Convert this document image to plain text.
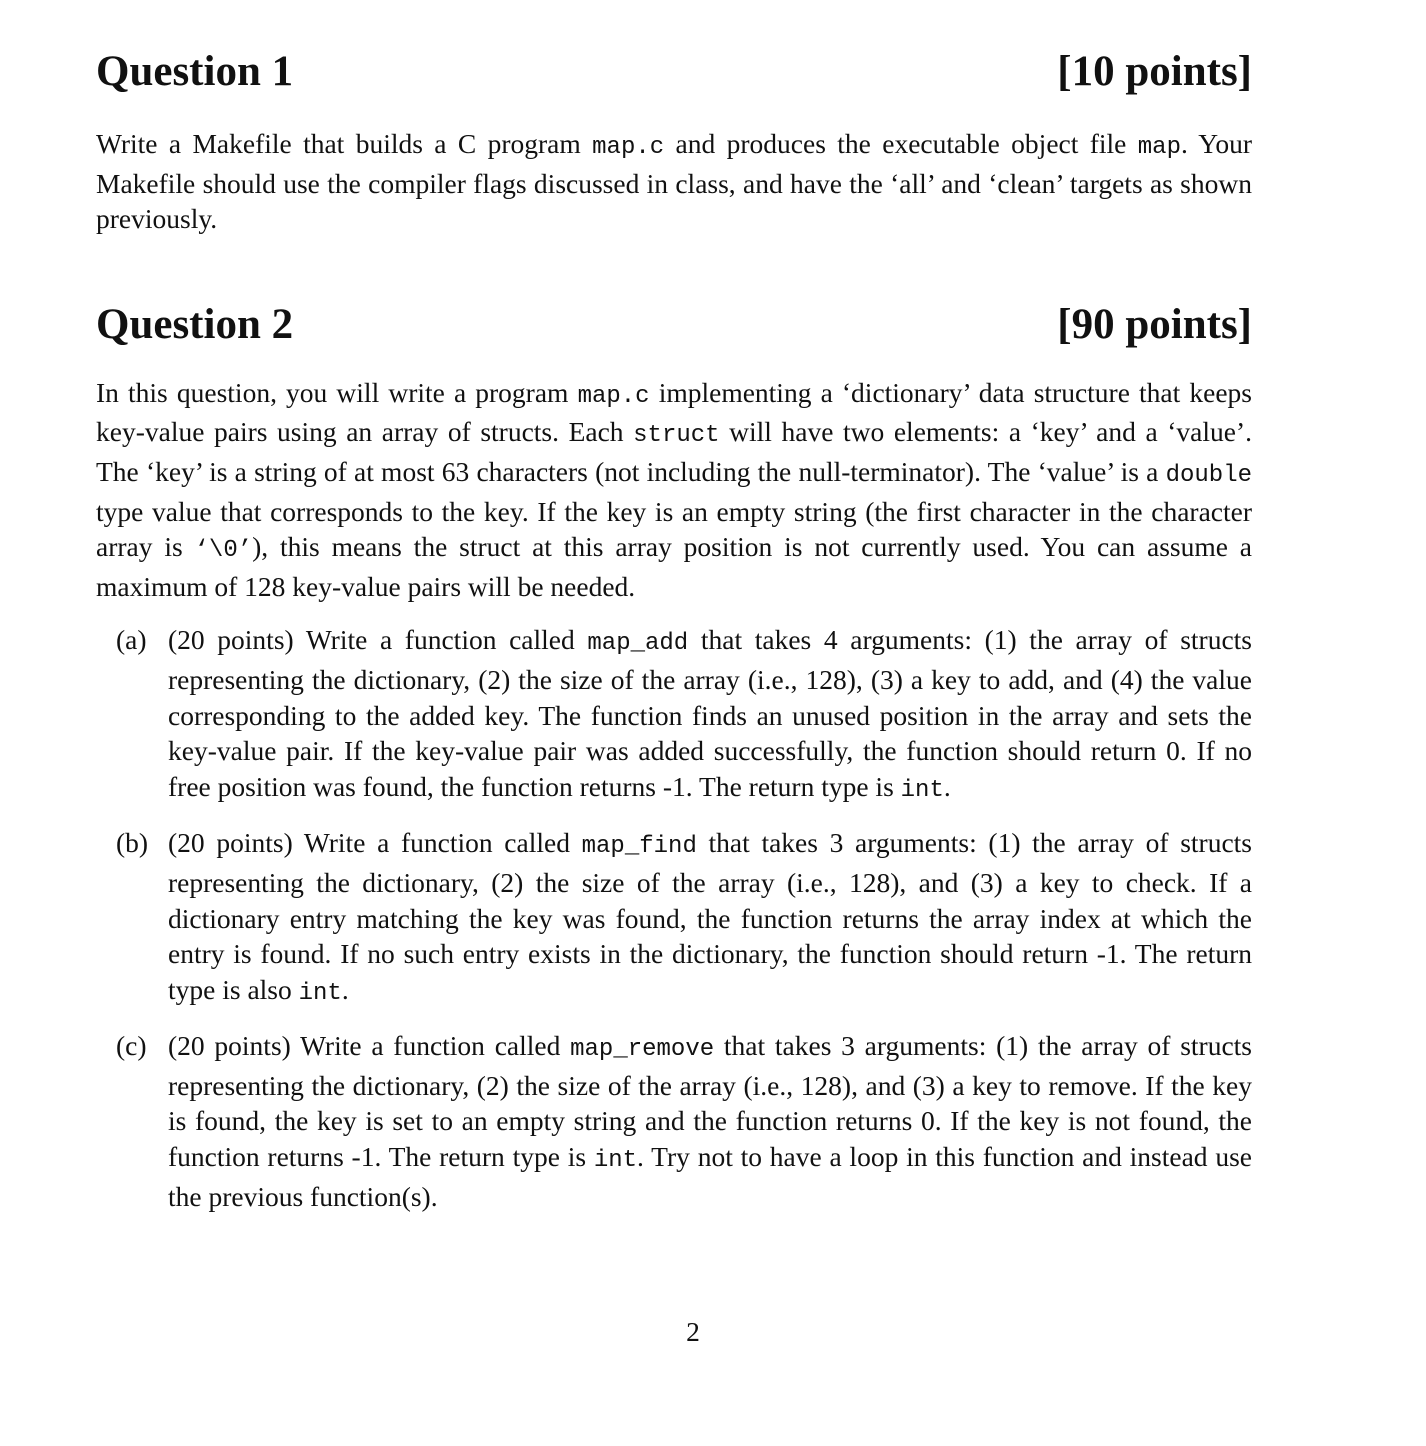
Question 1	[10 points]

Write a Makefile that builds a C program map.c and produces the executable object file map. Your Makefile should use the compiler flags discussed in class, and have the ‘all’ and ‘clean’ targets as shown previously.

Question 2	[90 points]

In this question, you will write a program map.c implementing a ‘dictionary’ data structure that keeps key-value pairs using an array of structs. Each struct will have two elements: a ‘key’ and a ‘value’. The ‘key’ is a string of at most 63 characters (not including the null-terminator). The ‘value’ is a double type value that corresponds to the key. If the key is an empty string (the first character in the character array is ‘\0’), this means the struct at this array position is not currently used. You can assume a maximum of 128 key-value pairs will be needed.

(a) (20 points) Write a function called map_add that takes 4 arguments: (1) the array of structs representing the dictionary, (2) the size of the array (i.e., 128), (3) a key to add, and (4) the value corresponding to the added key. The function finds an unused position in the array and sets the key-value pair. If the key-value pair was added successfully, the function should return 0. If no free position was found, the function returns -1. The return type is int.

(b) (20 points) Write a function called map_find that takes 3 arguments: (1) the array of structs representing the dictionary, (2) the size of the array (i.e., 128), and (3) a key to check. If a dictionary entry matching the key was found, the function returns the array index at which the entry is found. If no such entry exists in the dictionary, the function should return -1. The return type is also int.

(c) (20 points) Write a function called map_remove that takes 3 arguments: (1) the array of structs representing the dictionary, (2) the size of the array (i.e., 128), and (3) a key to remove. If the key is found, the key is set to an empty string and the function returns 0. If the key is not found, the function returns -1. The return type is int. Try not to have a loop in this function and instead use the previous function(s).

2
